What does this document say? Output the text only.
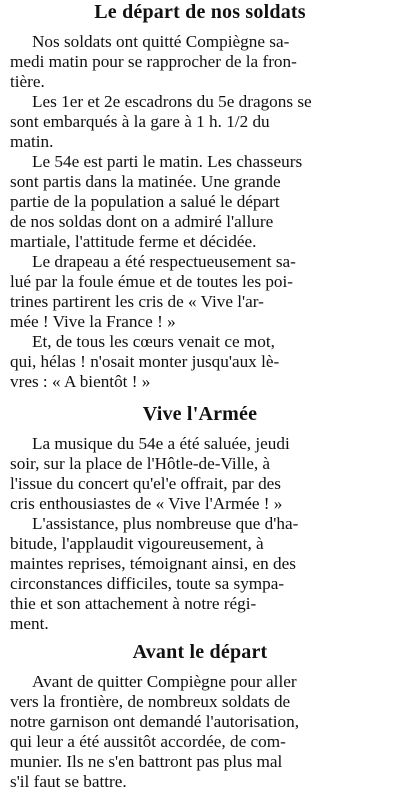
Le départ de nos soldats

Nos soldats ont quitté Compiègne sa-
medi matin pour se rapprocher de la fron-
tière.

Les 1er et 2e escadrons du 5e dragons se
sont embarqués à la gare à 1 h. 1/2 du
matin.

Le 54e est parti le matin. Les chasseurs
sont partis dans la matinée. Une grande
partie de la population a salué le départ
de nos soldas dont on a admiré l'allure
martiale, l'attitude ferme et décidée.

Le drapeau a été respectueusement sa-
lué par la foule émue et de toutes les poi-
trines partirent les cris de « Vive l'ar-
mée ! Vive la France ! »

Et, de tous les cœurs venait ce mot,
qui, hélas ! n'osait monter jusqu'aux lè-
vres : « A bientôt ! »

Vive l'Armée

La musique du 54e a été saluée, jeudi
soir, sur la place de l'Hôtle-de-Ville, à
l'issue du concert qu'el'e offrait, par des
cris enthousiastes de « Vive l'Armée ! »

L'assistance, plus nombreuse que d'ha-
bitude, l'applaudit vigoureusement, à
maintes reprises, témoignant ainsi, en des
circonstances difficiles, toute sa sympa-
thie et son attachement à notre régi-
ment.

Avant le départ

Avant de quitter Compiègne pour aller
vers la frontière, de nombreux soldats de
notre garnison ont demandé l'autorisation,
qui leur a été aussitôt accordée, de com-
munier. Ils ne s'en battront pas plus mal
s'il faut se battre.
